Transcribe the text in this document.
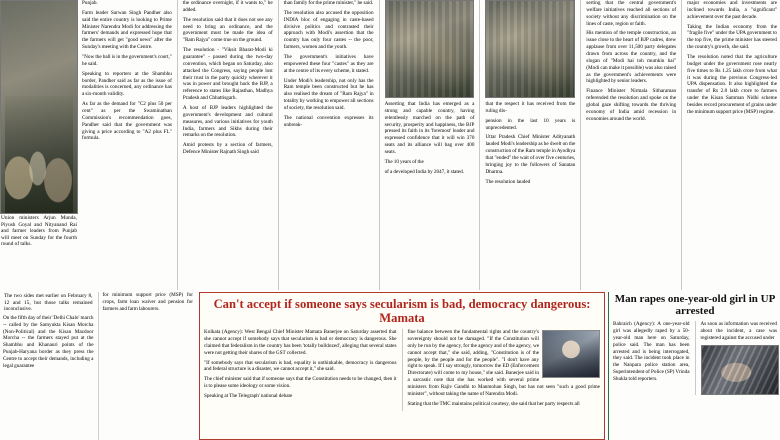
Union ministers Arjun Munda, Piyush Goyal and Nityanand Rai and farmer leaders from Punjab will meet on Sunday for the fourth round of talks.

Punjab.

Farm leader Sarwan Singh Pandher also said the entire country is looking to Prime Minister Narendra Modi for addressing the farmers' demands and expressed hope that the farmers will get "good news" after the Sunday's meeting with the Centre.

"Now the ball is in the government's court," he said.

Speaking to reporters at the Shambhu border, Pandher said as far as the issue of modalities is concerned, any ordinance has a six-month validity.

As far as the demand for "C2 plus 50 per cent" as per the Swaminathan Commission's recommendation goes, Pandher said that the government was giving a price according to "A2 plus FL" formula.

the ordinance overnight, if it wants to," he added.

The resolution said that it does not see any need to bring an ordinance, and the government must be made the idea of "Ram Rajya" come true on the ground.

The resolution - "Viksit Bharat-Modi ki guarantee" - passed during the two-day convention, which began on Saturday, also attacked the Congress, saying people lost their trust in the party quickly wherever it was in power and brought back the BJP, a reference to states like Rajasthan, Madhya Pradesh and Chhattisgarh.

A host of BJP leaders highlighted the government's development and cultural measures, and various initiatives for youth India, farmers and Sikhs during their remarks on the resolution.

Amid protests by a section of farmers, Defence Minister Rajnath Singh said

than family for the prime minister," he said.

The resolution also accused the opposition INDIA bloc of engaging in caste-based divisive politics and contrasted their approach with Modi's assertion that the country has only four castes -- the poor, farmers, women and the youth.

The government's initiatives have empowered these four "castes" as they are at the centre of its every scheme, it stated.

Under Modi's leadership, not only has the Ram temple been constructed but he has also realised the dream of "Ram Rajya" in totality by working to empower all sections of society, the resolution said.

The national convention expresses its unbreak-

Asserting that India has emerged as a strong and capable country, having relentlessly marched on the path of security, prosperity and happiness, the BJP pressed its faith in its 'foremost' leader and expressed confidence that it will win 370 seats and its alliance will bag over 400 seats.

The 10 years of the

of a developed India by 2047, it stated.

that the respect it has received from the ruling dis-

pension in the last 10 years is unprecedented.

Uttar Pradesh Chief Minister Adityanath lauded Modi's leadership as he dwelt on the construction of the Ram temple in Ayodhya that "ended" the wait of over five centuries, bringing joy to the followers of Sanatan Dharma.

The resolution lauded

serting that the central government's welfare initiatives reached all sections of society without any discrimination on the lines of caste, region or faith.

His mention of the temple construction, an issue close to the heart of BJP cadres, drew applause from over 11,500 party delegates drawn from across the country, and the slogan of "Modi hai toh mumkin hai" (Modi can make it possible) was also raised as the government's achievements were highlighted by senior leaders.

Finance Minister Nirmala Sitharaman referended the resolution and spoke on the global gaze shifting towards the thriving economy of India amid recession in economies around the world.

major economies and investments are inclined towards India, a "significant" achievement over the past decade.

Taking the Indian economy from the "fragile five" under the UPA government to the top five, the prime minister has steered the country's growth, she said.

The resolution noted that the agriculture budget under the government rose nearly five times to Rs 1.25 lakh crore from what it was during the previous Congress-led UPA dispensation. It also highlighted the transfer of Rs 2.8 lakh crore to farmers under the Kisan Samman Nidhi scheme besides record procurement of grains under the minimum support price (MSP) regime.

The two sides met earlier on February 8, 12 and 15, but those talks remained inconclusive.

On the fifth day of their 'Delhi Chalo' march -- called by the Samyukta Kisan Morcha (Non-Political) and the Kisan Mazdoor Morcha -- the farmers stayed put at the Shambhu and Khanauri points of the Punjab-Haryana border as they press the Centre to accept their demands, including a legal guarantee

for minimum support price (MSP) for crops, farm loan waiver and pension for farmers and farm labourers.	Can't accept if someone says secularism is bad, democracy dangerous: Mamata

Kolkata (Agency): West Bengal Chief Minister Mamata Banerjee on Saturday asserted that she cannot accept if somebody says that secularism is bad or democracy is dangerous. She claimed that federalism in the country has been 'totally bulldozed', alleging that several states were not getting their shares of the GST collected.

"If somebody says that secularism is bad, equality is unthinkable, democracy is dangerous and federal structure is a disaster, we cannot accept it," she said.

The chief minister said that if someone says that the Constitution needs to be changed, then it is to please some ideology or some vision.

Speaking at The Telegraph' national debate

fine balance between the fundamental rights and the country's sovereignty should not be damaged. "If the Constitution will only be run by the agency, for the agency and of the agency, we cannot accept that," she said, adding, "Constitution is of the people, by the people and for the people". "I don't have any right to speak. If I say strongly, tomorrow the ED (Enforcement Directorate) will come to my house," she said. Banerjee said in a sarcastic note that she has worked with several prime ministers from Rajiv Gandhi to Manmohan Singh, but has not seen "such a good prime minister", without taking the name of Narendra Modi.

Stating that the TMC maintains political courtesy, she said that her party respects all

Man rapes one-year-old girl in UP arrested

Bahraich (Agency): A one-year-old girl was allegedly raped by a 50-year-old man here on Saturday, police said. The man has been arrested and is being interrogated, they said. The incident took place in the Nanpara police station area, Superintendent of Police (SP) Vrinda Shukla told reporters.

As soon as information was received about the incident, a case was registered against the accused under
